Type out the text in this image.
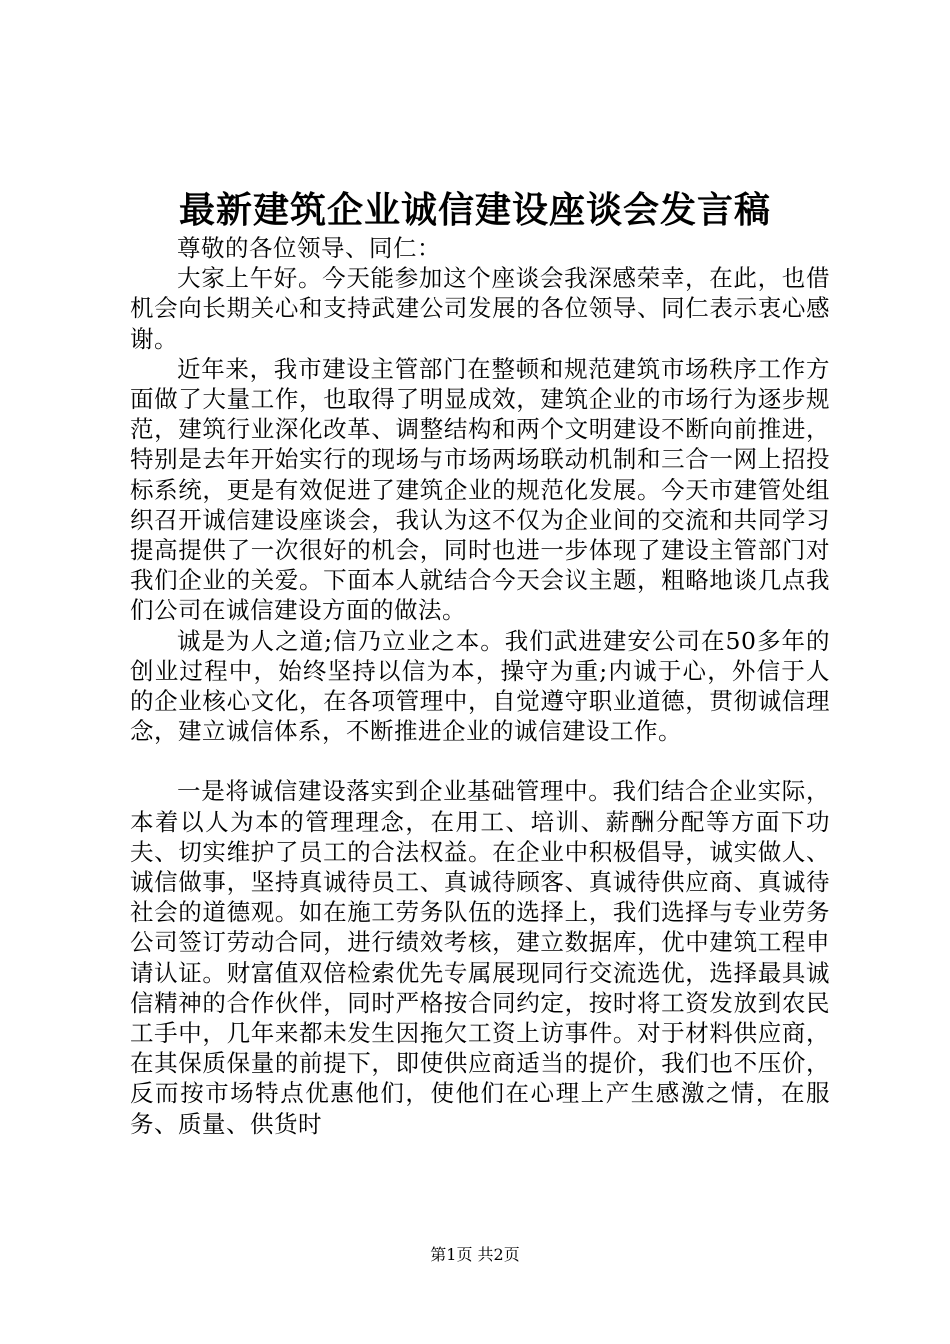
最新建筑企业诚信建设座谈会发言稿

尊敬的各位领导、同仁：

大家上午好。今天能参加这个座谈会我深感荣幸，在此，也借机会向长期关心和支持武建公司发展的各位领导、同仁表示衷心感谢。

近年来，我市建设主管部门在整顿和规范建筑市场秩序工作方面做了大量工作，也取得了明显成效，建筑企业的市场行为逐步规范，建筑行业深化改革、调整结构和两个文明建设不断向前推进，特别是去年开始实行的现场与市场两场联动机制和三合一网上招投标系统，更是有效促进了建筑企业的规范化发展。今天市建管处组织召开诚信建设座谈会，我认为这不仅为企业间的交流和共同学习提高提供了一次很好的机会，同时也进一步体现了建设主管部门对我们企业的关爱。下面本人就结合今天会议主题，粗略地谈几点我们公司在诚信建设方面的做法。

诚是为人之道;信乃立业之本。我们武进建安公司在50多年的创业过程中，始终坚持以信为本，操守为重;内诚于心，外信于人的企业核心文化，在各项管理中，自觉遵守职业道德，贯彻诚信理念，建立诚信体系，不断推进企业的诚信建设工作。

一是将诚信建设落实到企业基础管理中。我们结合企业实际，本着以人为本的管理理念，在用工、培训、薪酬分配等方面下功夫、切实维护了员工的合法权益。在企业中积极倡导，诚实做人、诚信做事，坚持真诚待员工、真诚待顾客、真诚待供应商、真诚待社会的道德观。如在施工劳务队伍的选择上，我们选择与专业劳务公司签订劳动合同，进行绩效考核，建立数据库，优中建筑工程申请认证。财富值双倍检索优先专属展现同行交流选优，选择最具诚信精神的合作伙伴，同时严格按合同约定，按时将工资发放到农民工手中，几年来都未发生因拖欠工资上访事件。对于材料供应商，在其保质保量的前提下，即使供应商适当的提价，我们也不压价，反而按市场特点优惠他们，使他们在心理上产生感激之情，在服务、质量、供货时

第1页 共2页
